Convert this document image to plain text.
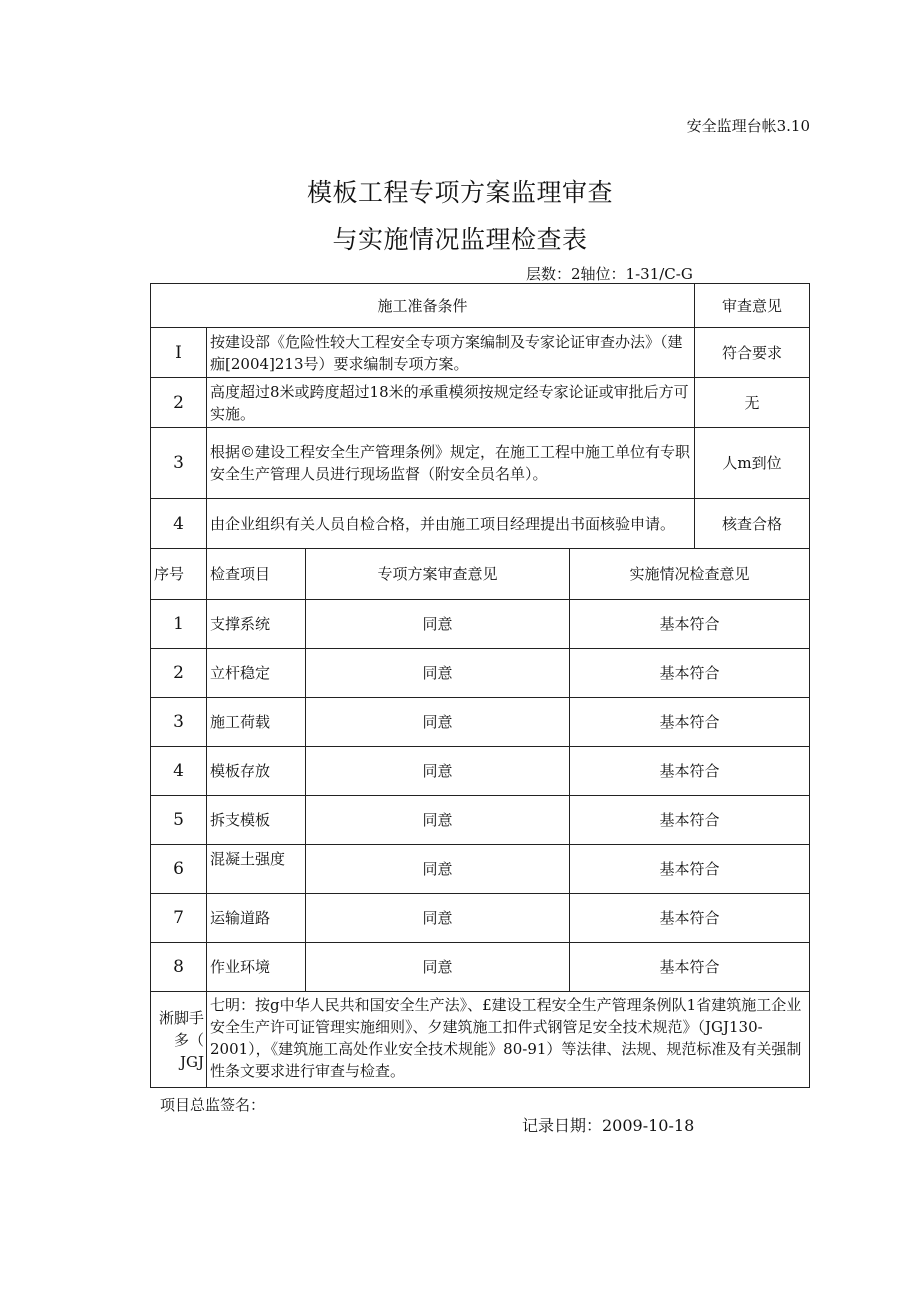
安全监理台帐3.10
模板工程专项方案监理审查
与实施情况监理检查表
层数：2轴位：1-31/C-G
施工准备条件				审查意见
I	按建设部《危险性较大工程安全专项方案编制及专家论证审查办法》（建痂[2004]213号）要求编制专项方案。			符合要求
2	高度超过8米或跨度超过18米的承重模须按规定经专家论证或审批后方可实施。			无
3	根据©建设工程安全生产管理条例》规定，在施工工程中施工单位有专职安全生产管理人员进行现场监督（附安全员名单）。			人m到位
4	由企业组织有关人员自检合格，并由施工项目经理提出书面核验申请。			核查合格
序号	检查项目	专项方案审查意见	实施情况检查意见	
1	支撑系统	同意	基本符合	
2	立杆稳定	同意	基本符合	
3	施工荷载	同意	基本符合	
4	模板存放	同意	基本符合	
5	拆支模板	同意	基本符合	
6	混凝土强度	同意	基本符合	
7	运输道路	同意	基本符合	
8	作业环境	同意	基本符合	

淅脚手
多（
JGJ	七明：按g中华人民共和国安全生产法》、£建设工程安全生产管理条例队1省建筑施工企业安全生产许可证管理实施细则》、夕建筑施工扣件式钢管足安全技术规范》（JGJ130-2001），《建筑施工高处作业安全技术规能》80-91）等法律、法规、规范标准及有关强制性条文要求进行审查与检查。			
项目总监签名：
记录日期：2009-10-18
